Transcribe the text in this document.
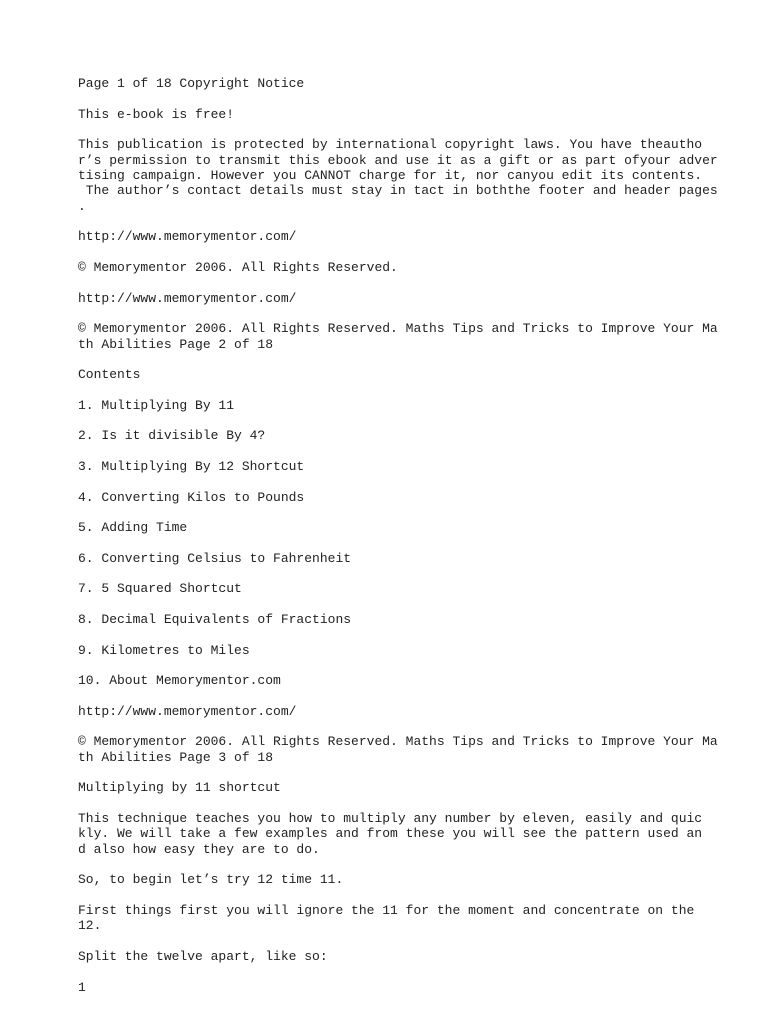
Page 1 of 18 Copyright Notice

This e-book is free!

This publication is protected by international copyright laws. You have theautho
r’s permission to transmit this ebook and use it as a gift or as part ofyour adver
tising campaign. However you CANNOT charge for it, nor canyou edit its contents.
The author’s contact details must stay in tact in boththe footer and header pages
.

http://www.memorymentor.com/

© Memorymentor 2006. All Rights Reserved.

http://www.memorymentor.com/

© Memorymentor 2006. All Rights Reserved. Maths Tips and Tricks to Improve Your Ma
th Abilities Page 2 of 18

Contents

1. Multiplying By 11

2. Is it divisible By 4?

3. Multiplying By 12 Shortcut

4. Converting Kilos to Pounds

5. Adding Time

6. Converting Celsius to Fahrenheit

7. 5 Squared Shortcut

8. Decimal Equivalents of Fractions

9. Kilometres to Miles

10. About Memorymentor.com

http://www.memorymentor.com/

© Memorymentor 2006. All Rights Reserved. Maths Tips and Tricks to Improve Your Ma
th Abilities Page 3 of 18

Multiplying by 11 shortcut

This technique teaches you how to multiply any number by eleven, easily and quic
kly. We will take a few examples and from these you will see the pattern used an
d also how easy they are to do.

So, to begin let’s try 12 time 11.

First things first you will ignore the 11 for the moment and concentrate on the
12.

Split the twelve apart, like so:

1
